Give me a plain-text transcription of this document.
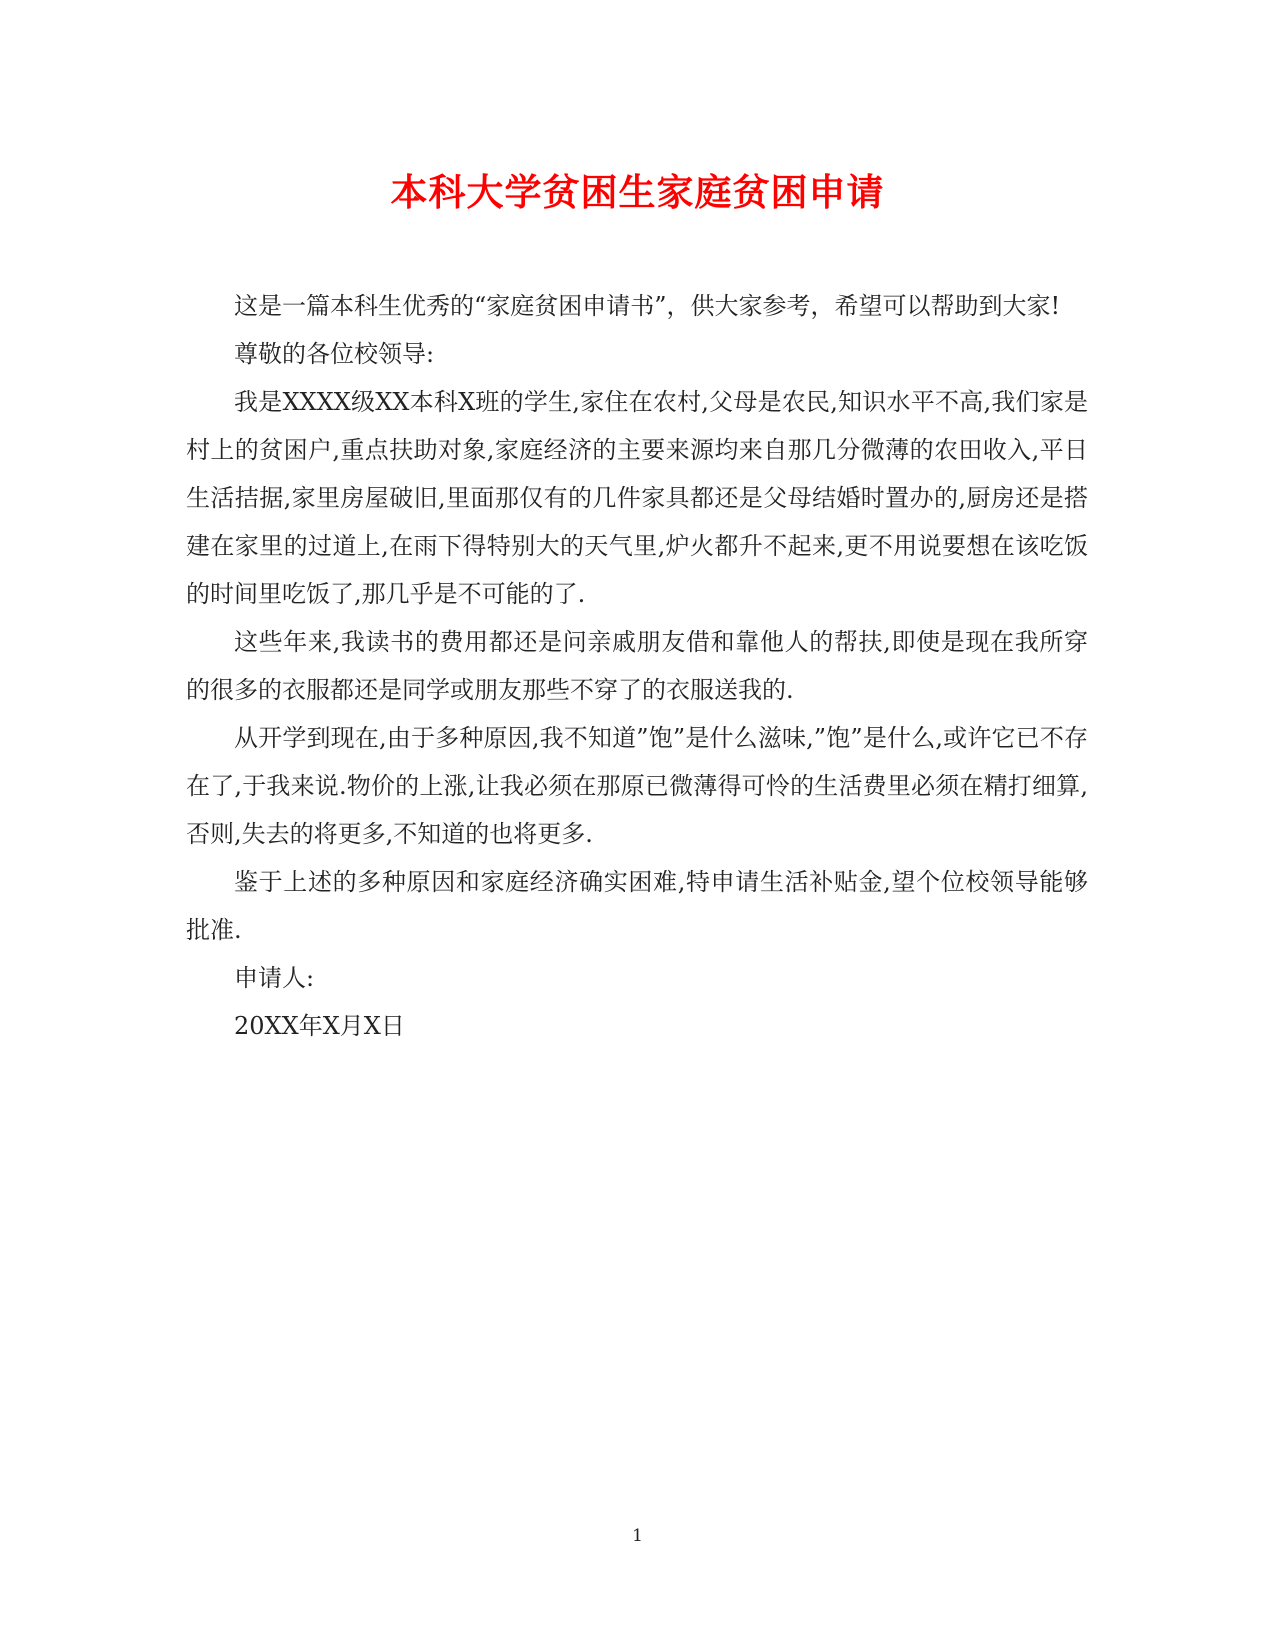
本科大学贫困生家庭贫困申请

这是一篇本科生优秀的“家庭贫困申请书”，供大家参考，希望可以帮助到大家!

尊敬的各位校领导:

我是XXXX级XX本科X班的学生,家住在农村,父母是农民,知识水平不高,我们家是村上的贫困户,重点扶助对象,家庭经济的主要来源均来自那几分微薄的农田收入,平日生活拮据,家里房屋破旧,里面那仅有的几件家具都还是父母结婚时置办的,厨房还是搭建在家里的过道上,在雨下得特别大的天气里,炉火都升不起来,更不用说要想在该吃饭的时间里吃饭了,那几乎是不可能的了.

这些年来,我读书的费用都还是问亲戚朋友借和靠他人的帮扶,即使是现在我所穿的很多的衣服都还是同学或朋友那些不穿了的衣服送我的.

从开学到现在,由于多种原因,我不知道”饱”是什么滋味,”饱”是什么,或许它已不存在了,于我来说.物价的上涨,让我必须在那原已微薄得可怜的生活费里必须在精打细算,否则,失去的将更多,不知道的也将更多.

鉴于上述的多种原因和家庭经济确实困难,特申请生活补贴金,望个位校领导能够批准.

申请人:

20XX年X月X日

1
